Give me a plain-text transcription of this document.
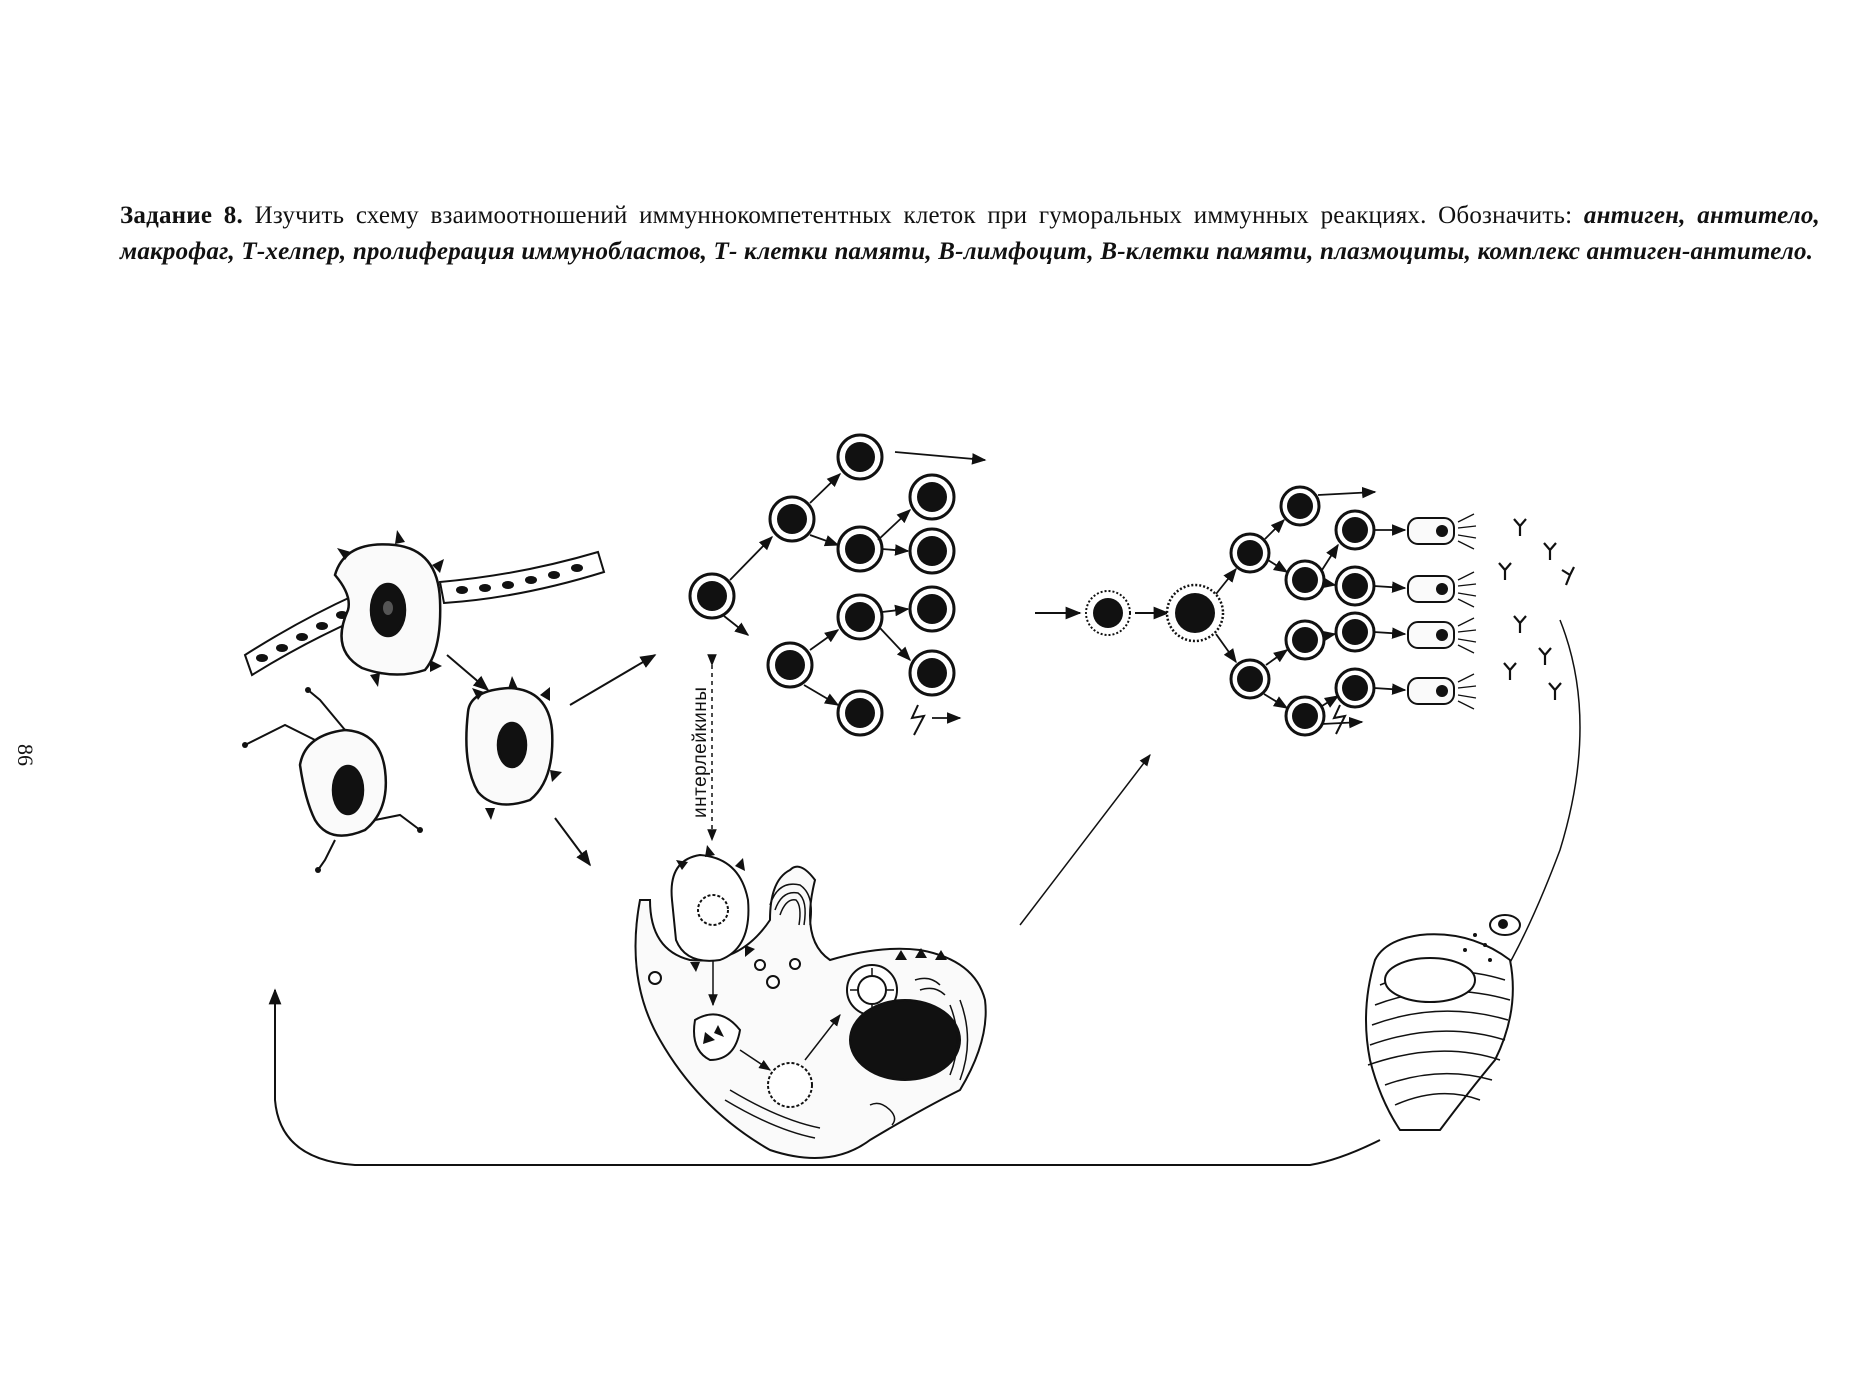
Задание 8. Изучить схему взаимоотношений иммуннокомпетентных клеток при гуморальных иммунных реакциях. Обозначить: антиген, антитело, макрофаг, Т-хелпер, пролиферация иммунобластов, Т- клетки памяти, В-лимфоцит, В-клетки памяти, плазмоциты, комплекс антиген-антитело.
86	интерлейкины
